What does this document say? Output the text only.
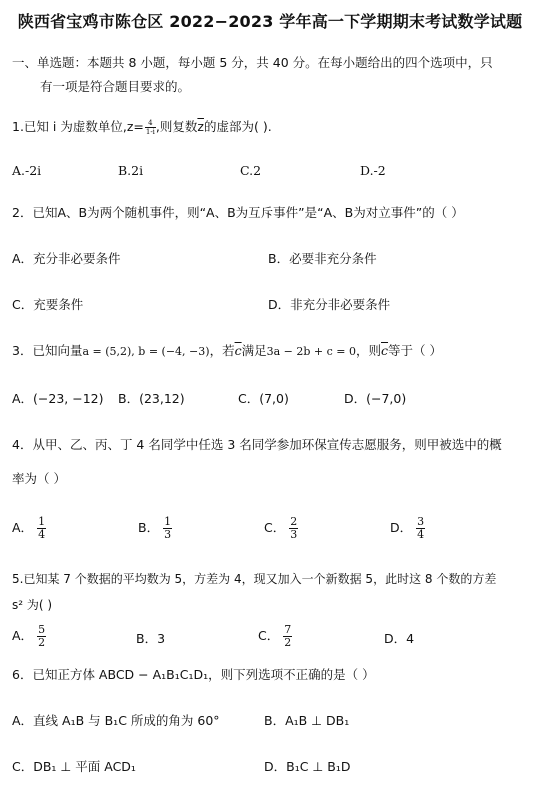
陕西省宝鸡市陈仓区 2022−2023 学年高一下学期期末考试数学试题
一、单选题：本题共 8 小题，每小题 5 分，共 40 分。在每小题给出的四个选项中，只
有一项是符合题目要求的。
1.已知 i 为虚数单位$,z= \frac{4}{1-i}$ ,则复数$\overline{z}$的虚部为( ).
A.-2i	B.2i	C.2	D.-2
2．已知A、B为两个随机事件，则“A、B为互斥事件”是“A、B为对立事件”的（ ）
A．充分非必要条件	B．必要非充分条件
C．充要条件	D．非充分非必要条件
3．已知向量a = (5,2), b = (−4, −3)，若$\overline{c}$满足3a − 2b + c = 0，则$\overline{c}$等于（ ）
A．(−23, −12) B．(23,12)	C．(7,0)	D．(−7,0)
4．从甲、乙、丙、丁 4 名同学中任选 3 名同学参加环保宣传志愿服务，则甲被选中的概
率为（ ）
A． $\frac{1}{4}$	B． $\frac{1}{3}$	C． $\frac{2}{3}$	D． $\frac{3}{4}$
5.已知某 7 个数据的平均数为 5，方差为 4，现又加入一个新数据 5，此时这 8 个数的方差
s² 为( )
A． $\frac{5}{2}$	B．3	C． $\frac{7}{2}$	D．4
6．已知正方体 ABCD − A₁B₁C₁D₁，则下列选项不正确的是（ ）
A．直线 A₁B 与 B₁C 所成的角为 60°	B．A₁B ⊥ DB₁
C．DB₁ ⊥ 平面 ACD₁	D．B₁C ⊥ B₁D
